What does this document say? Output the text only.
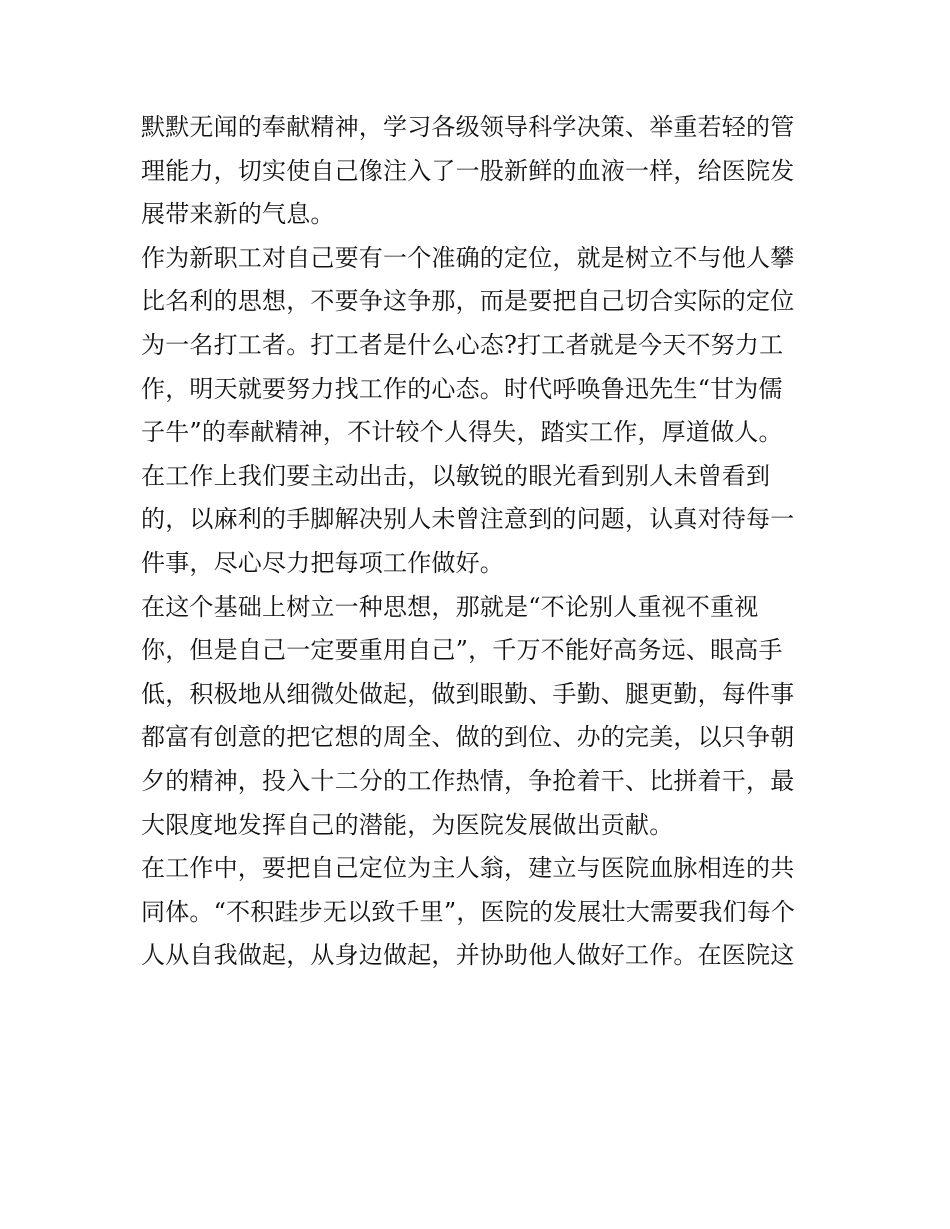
默默无闻的奉献精神，学习各级领导科学决策、举重若轻的管
理能力，切实使自己像注入了一股新鲜的血液一样，给医院发
展带来新的气息。
作为新职工对自己要有一个准确的定位，就是树立不与他人攀
比名利的思想，不要争这争那，而是要把自己切合实际的定位
为一名打工者。打工者是什么心态?打工者就是今天不努力工
作，明天就要努力找工作的心态。时代呼唤鲁迅先生“甘为儒
子牛”的奉献精神，不计较个人得失，踏实工作，厚道做人。
在工作上我们要主动出击，以敏锐的眼光看到别人未曾看到
的，以麻利的手脚解决别人未曾注意到的问题，认真对待每一
件事，尽心尽力把每项工作做好。
在这个基础上树立一种思想，那就是“不论别人重视不重视
你，但是自己一定要重用自己”，千万不能好高务远、眼高手
低，积极地从细微处做起，做到眼勤、手勤、腿更勤，每件事
都富有创意的把它想的周全、做的到位、办的完美，以只争朝
夕的精神，投入十二分的工作热情，争抢着干、比拼着干，最
大限度地发挥自己的潜能，为医院发展做出贡献。
在工作中，要把自己定位为主人翁，建立与医院血脉相连的共
同体。“不积跬步无以致千里”，医院的发展壮大需要我们每个
人从自我做起，从身边做起，并协助他人做好工作。在医院这
